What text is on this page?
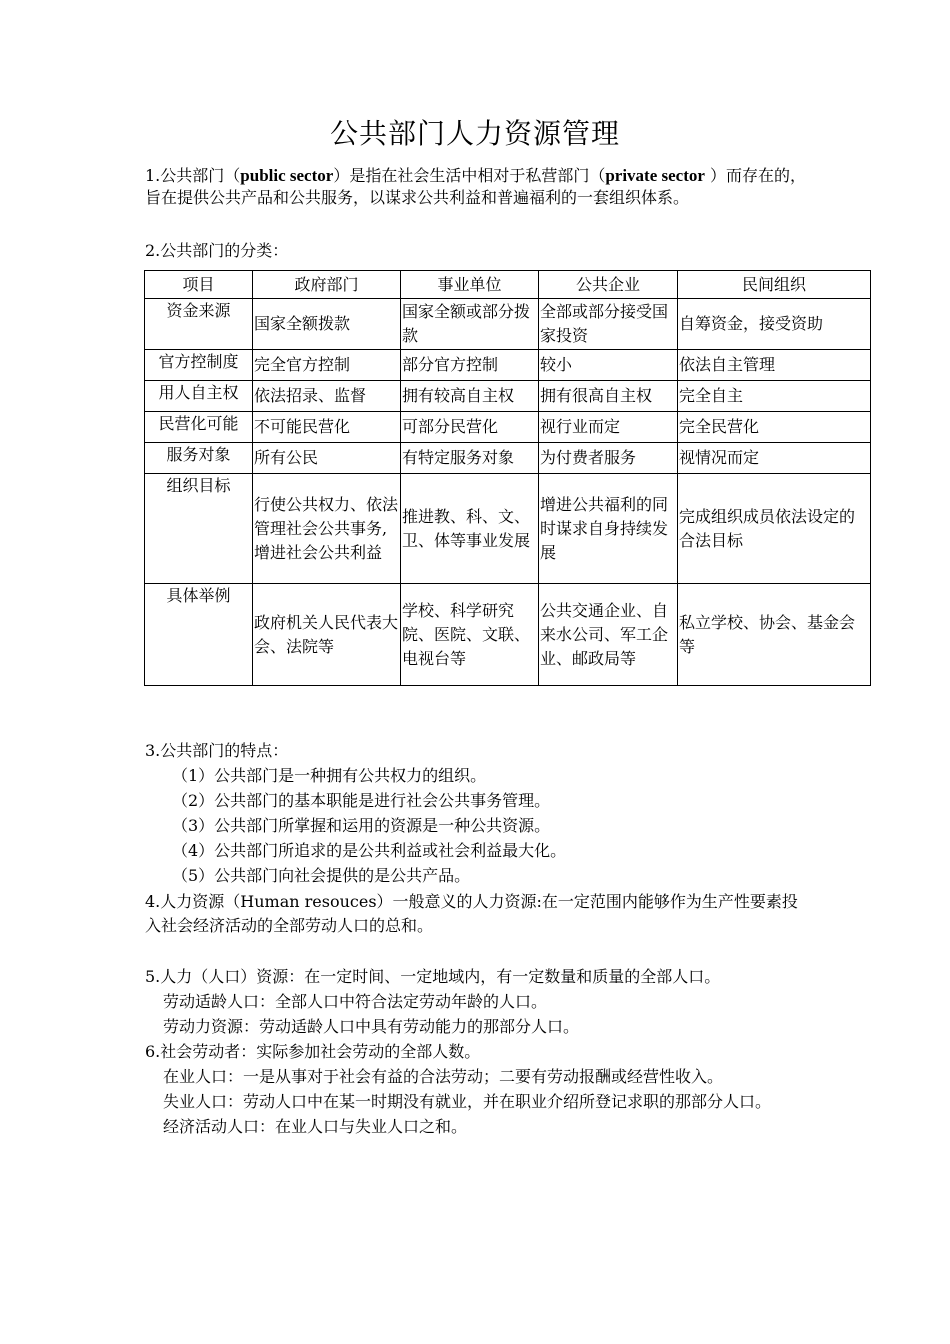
公共部门人力资源管理
1.公共部门（public sector）是指在社会生活中相对于私营部门（private sector ）而存在的，旨在提供公共产品和公共服务，以谋求公共利益和普遍福利的一套组织体系。
2.公共部门的分类：
项目	政府部门	事业单位	公共企业	民间组织
资金来源	国家全额拨款	国家全额或部分拨款	全部或部分接受国家投资	自筹资金，接受资助
官方控制度	完全官方控制	部分官方控制	较小	依法自主管理
用人自主权	依法招录、监督	拥有较高自主权	拥有很高自主权	完全自主
民营化可能	不可能民营化	可部分民营化	视行业而定	完全民营化
服务对象	所有公民	有特定服务对象	为付费者服务	视情况而定
组织目标	行使公共权力、依法管理社会公共事务,增进社会公共利益	推进教、科、文、卫、体等事业发展	增进公共福利的同时谋求自身持续发展	完成组织成员依法设定的合法目标
具体举例	政府机关人民代表大会、法院等	学校、科学研究院、医院、文联、电视台等	公共交通企业、自来水公司、军工企业、邮政局等	私立学校、协会、基金会等
3.公共部门的特点：
（1）公共部门是一种拥有公共权力的组织。
（2）公共部门的基本职能是进行社会公共事务管理。
（3）公共部门所掌握和运用的资源是一种公共资源。
（4）公共部门所追求的是公共利益或社会利益最大化。
（5）公共部门向社会提供的是公共产品。
4.人力资源（Human resouces）一般意义的人力资源:在一定范围内能够作为生产性要素投入社会经济活动的全部劳动人口的总和。
5.人力（人口）资源：在一定时间、一定地域内，有一定数量和质量的全部人口。
劳动适龄人口：全部人口中符合法定劳动年龄的人口。
劳动力资源：劳动适龄人口中具有劳动能力的那部分人口。
6.社会劳动者：实际参加社会劳动的全部人数。
在业人口：一是从事对于社会有益的合法劳动；二要有劳动报酬或经营性收入。
失业人口：劳动人口中在某一时期没有就业，并在职业介绍所登记求职的那部分人口。
经济活动人口：在业人口与失业人口之和。
